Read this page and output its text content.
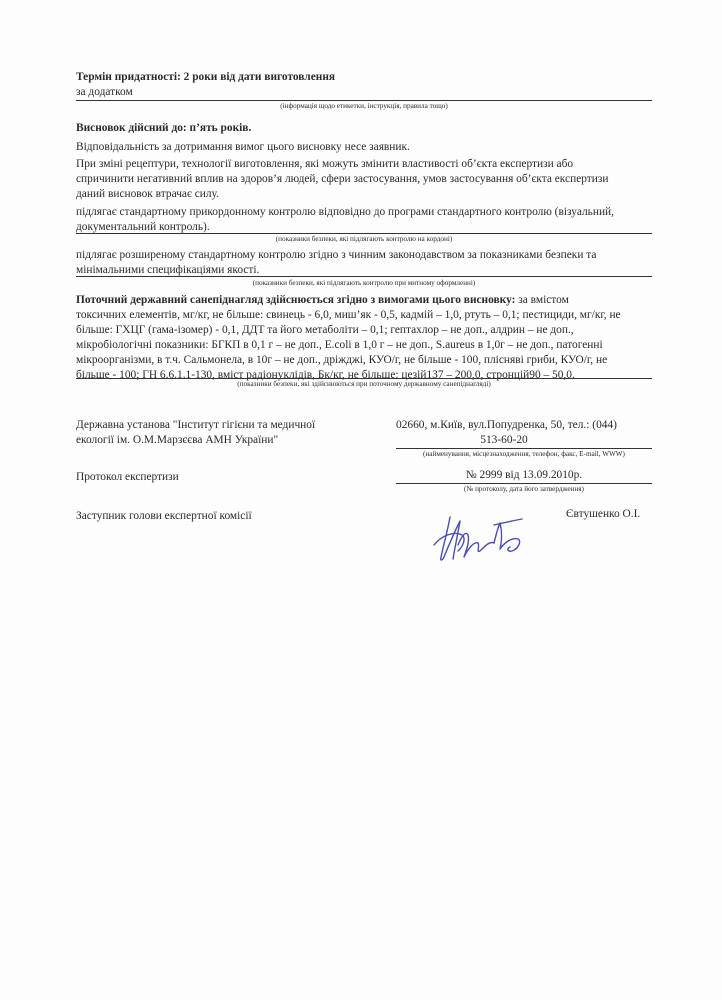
Термін придатності: 2 роки від дати виготовлення
за додатком
(інформація щодо етикетки, інструкція, правила тощо)
Висновок дійсний до: п’ять років.
Відповідальність за дотримання вимог цього висновку несе заявник.
При зміні рецептури, технології виготовлення, які можуть змінити властивості об’єкта експертизи або
спричинити негативний вплив на здоров’я людей, сфери застосування, умов застосування об’єкта експертизи
даний висновок втрачає силу.
підлягає стандартному прикордонному контролю відповідно до програми стандартного контролю (візуальний,
документальний контроль).
(показники безпеки, які підлягають контролю на кордоні)
підлягає розширеному стандартному контролю згідно з чинним законодавством за показниками безпеки та
мінімальними специфікаціями якості.
(показники безпеки, які підлягають контролю при митному оформленні)
Поточний державний санепіднагляд здійснюється згідно з вимогами цього висновку: за вмістом
токсичних елементів, мг/кг, не більше: свинець - 6,0, миш’як - 0,5, кадмій – 1,0, ртуть – 0,1; пестициди, мг/кг, не
більше: ГХЦГ (гама-ізомер) - 0,1, ДДТ та його метаболіти – 0,1; гептахлор – не доп., алдрин – не доп.,
мікробіологічні показники: БГКП в 0,1 г – не доп., E.coli в 1,0 г – не доп., S.aureus в 1,0г – не доп., патогенні
мікроорганізми, в т.ч. Сальмонела, в 10г – не доп., дріжджі, КУО/г, не більше - 100, плісняві гриби, КУО/г, не
більше - 100; ГН 6.6.1.1-130, вміст радіонуклідів, Бк/кг, не більше: цезій137 – 200,0, стронцій90 – 50,0.
(показники безпеки, які здійснюються при поточному державному санепіднагляді)
Державна установа "Інститут гігієни та медичної
екології ім. О.М.Марзєєва АМН України"
02660, м.Київ, вул.Попудренка, 50, тел.: (044)
513-60-20
(найменування, місцезнаходження, телефон, факс, E-mail, WWW)
Протокол експертизи	№ 2999 від 13.09.2010р.
(№ протоколу, дата його затвердження)
Заступник голови експертної комісії	Євтушенко О.І.
